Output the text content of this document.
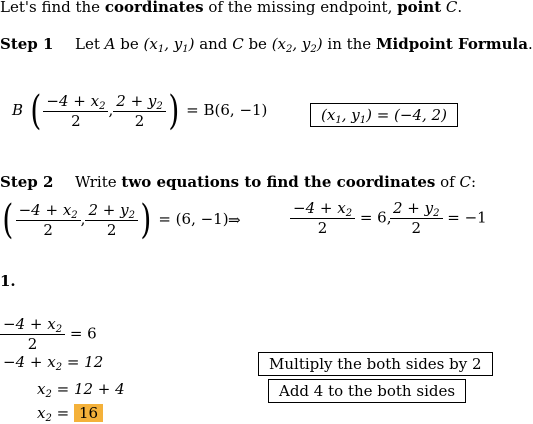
Let's find the coordinates of the missing endpoint, point C.
Step 1 Let A be ($x_1$, $y_1$) and C be ($x_2$, $y_2$) in the Midpoint Formula.
B ( $\frac{-4 + x_2}{2}$ , $\frac{2 + y_2}{2}$ ) = B(6, −1)	($x_1$, $y_1) = (-4$, 2)
Step 2 Write two equations to find the coordinates of C:
( $\frac{-4 + x_2}{2}$ , $\frac{2 + y_2}{2}$ ) = (6, −1) ⇒	$\frac{-4 + x_2}{2} = 6$,
$\frac{2 + y_2}{2} = -1$
1.
$\frac{-4 + x_2}{2} = 6$
$-4 + x_2 = 12$
$x_2 = 12 + 4$
$x_2 = 16$
Multiply the both sides by 2
Add 4 to the both sides
